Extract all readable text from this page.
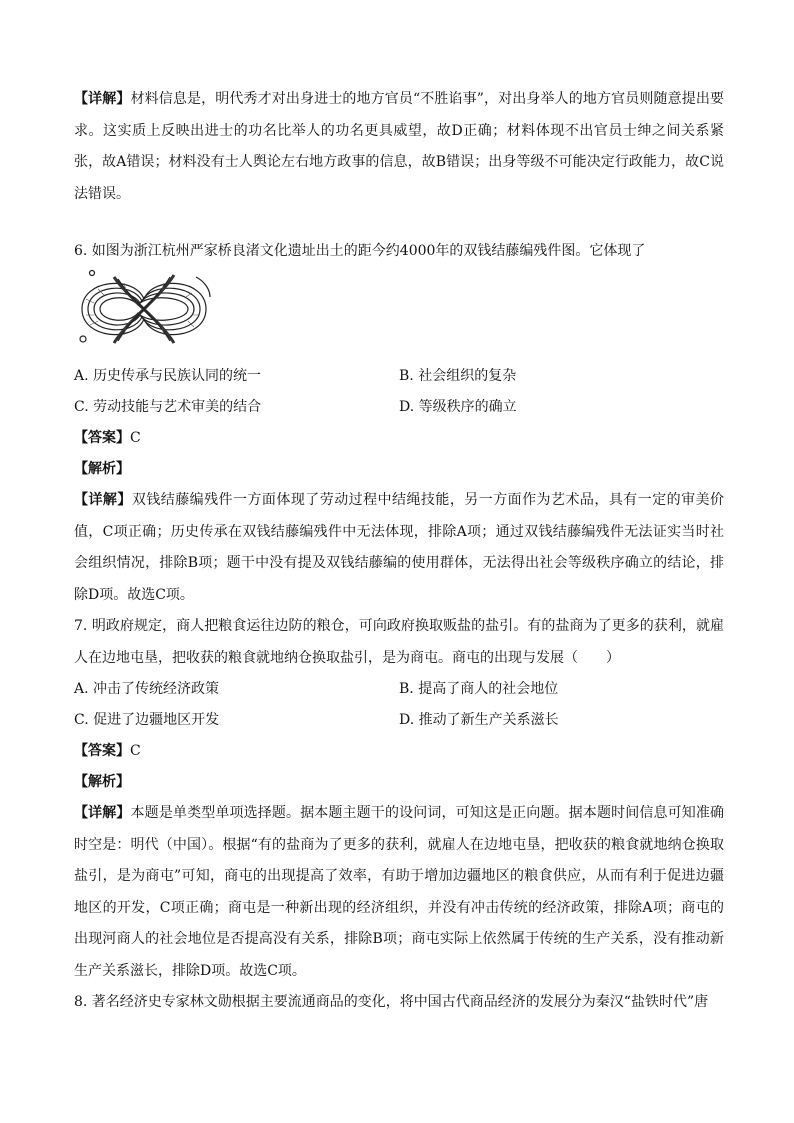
【详解】材料信息是，明代秀才对出身进士的地方官员“不胜谄事”，对出身举人的地方官员则随意提出要求。这实质上反映出进士的功名比举人的功名更具威望，故D正确；材料体现不出官员士绅之间关系紧张，故A错误；材料没有士人舆论左右地方政事的信息，故B错误；出身等级不可能决定行政能力，故C说法错误。

6. 如图为浙江杭州严家桥良渚文化遗址出土的距今约4000年的双钱结藤编残件图。它体现了

A. 历史传承与民族认同的统一	B. 社会组织的复杂
C. 劳动技能与艺术审美的结合	D. 等级秩序的确立

【答案】C

【解析】

【详解】双钱结藤编残件一方面体现了劳动过程中结绳技能，另一方面作为艺术品，具有一定的审美价值，C项正确；历史传承在双钱结藤编残件中无法体现，排除A项；通过双钱结藤编残件无法证实当时社会组织情况，排除B项；题干中没有提及双钱结藤编的使用群体，无法得出社会等级秩序确立的结论，排除D项。故选C项。

7. 明政府规定，商人把粮食运往边防的粮仓，可向政府换取贩盐的盐引。有的盐商为了更多的获利，就雇人在边地屯垦，把收获的粮食就地纳仓换取盐引，是为商屯。商屯的出现与发展（　　）

A. 冲击了传统经济政策	B. 提高了商人的社会地位
C. 促进了边疆地区开发	D. 推动了新生产关系滋长

【答案】C

【解析】

【详解】本题是单类型单项选择题。据本题主题干的设问词，可知这是正向题。据本题时间信息可知准确时空是：明代（中国）。根据“有的盐商为了更多的获利，就雇人在边地屯垦，把收获的粮食就地纳仓换取盐引，是为商屯”可知，商屯的出现提高了效率，有助于增加边疆地区的粮食供应，从而有利于促进边疆地区的开发，C项正确；商屯是一种新出现的经济组织，并没有冲击传统的经济政策，排除A项；商屯的出现河商人的社会地位是否提高没有关系，排除B项；商屯实际上依然属于传统的生产关系，没有推动新生产关系滋长，排除D项。故选C项。

8. 著名经济史专家林文勋根据主要流通商品的变化，将中国古代商品经济的发展分为秦汉“盐铁时代”唐
